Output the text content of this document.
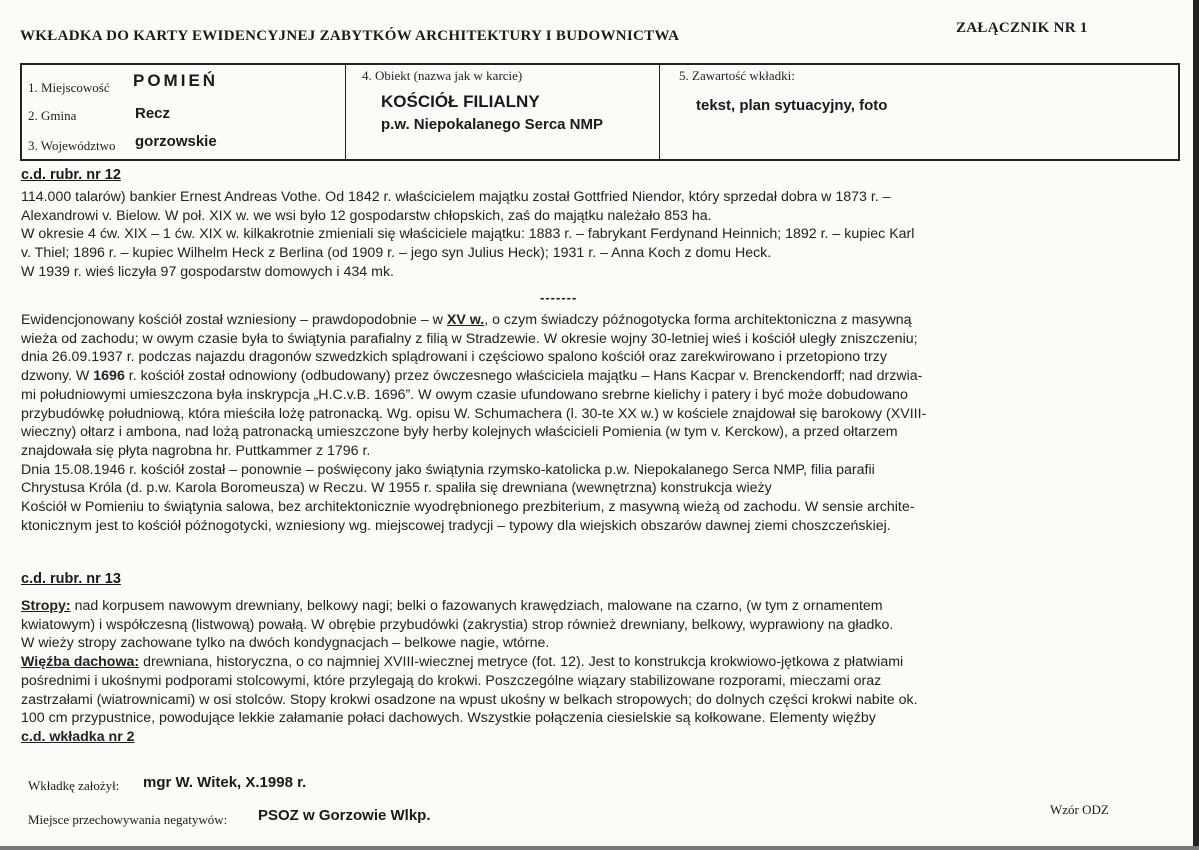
WKŁADKA DO KARTY EWIDENCYJNEJ ZABYTKÓW ARCHITEKTURY I BUDOWNICTWA	ZAŁĄCZNIK NR 1
1. Miejscowość POMIEŃ
2. Gmina	Recz
3. Województwo gorzowskie
4. Obiekt (nazwa jak w karcie)
KOŚCIÓŁ FILIALNY
p.w. Niepokalanego Serca NMP
5. Zawartość wkładki:
tekst, plan sytuacyjny, foto
c.d. rubr. nr 12

114.000 talarów) bankier Ernest Andreas Vothe. Od 1842 r. właścicielem majątku został Gottfried Niendor, który sprzedał dobra w 1873 r. –

Alexandrowi v. Bielow. W poł. XIX w. we wsi było 12 gospodarstw chłopskich, zaś do majątku należało 853 ha.

W okresie 4 ćw. XIX – 1 ćw. XIX w. kilkakrotnie zmieniali się właściciele majątku: 1883 r. – fabrykant Ferdynand Heinnich; 1892 r. – kupiec Karl

v. Thiel; 1896 r. – kupiec Wilhelm Heck z Berlina (od 1909 r. – jego syn Julius Heck); 1931 r. – Anna Koch z domu Heck.

W 1939 r. wieś liczyła 97 gospodarstw domowych i 434 mk.

-------

Ewidencjonowany kościół został wzniesiony – prawdopodobnie – w XV w., o czym świadczy późnogotycka forma architektoniczna z masywną

wieża od zachodu; w owym czasie była to świątynia parafialny z filią w Stradzewie. W okresie wojny 30-letniej wieś i kościół uległy zniszczeniu;

dnia 26.09.1937 r. podczas najazdu dragonów szwedzkich splądrowani i częściowo spalono kościół oraz zarekwirowano i przetopiono trzy

dzwony. W 1696 r. kościół został odnowiony (odbudowany) przez ówczesnego właściciela majątku – Hans Kacpar v. Brenckendorff; nad drzwia-

mi południowymi umieszczona była inskrypcja „H.C.v.B. 1696”. W owym czasie ufundowano srebrne kielichy i patery i być może dobudowano

przybudówkę południową, która mieściła lożę patronacką. Wg. opisu W. Schumachera (l. 30-te XX w.) w kościele znajdował się barokowy (XVIII-

wieczny) ołtarz i ambona, nad lożą patronacką umieszczone były herby kolejnych właścicieli Pomienia (w tym v. Kerckow), a przed ołtarzem

znajdowała się płyta nagrobna hr. Puttkammer z 1796 r.

Dnia 15.08.1946 r. kościół został – ponownie – poświęcony jako świątynia rzymsko-katolicka p.w. Niepokalanego Serca NMP, filia parafii

Chrystusa Króla (d. p.w. Karola Boromeusza) w Reczu. W 1955 r. spaliła się drewniana (wewnętrzna) konstrukcja wieży

Kościół w Pomieniu to świątynia salowa, bez architektonicznie wyodrębnionego prezbiterium, z masywną wieżą od zachodu. W sensie archite-

ktonicznym jest to kościół późnogotycki, wzniesiony wg. miejscowej tradycji – typowy dla wiejskich obszarów dawnej ziemi choszczeńskiej.

c.d. rubr. nr 13

Stropy: nad korpusem nawowym drewniany, belkowy nagi; belki o fazowanych krawędziach, malowane na czarno, (w tym z ornamentem

kwiatowym) i współczesną (listwową) powałą. W obrębie przybudówki (zakrystia) strop również drewniany, belkowy, wyprawiony na gładko.

W wieży stropy zachowane tylko na dwóch kondygnacjach – belkowe nagie, wtórne.

Więźba dachowa: drewniana, historyczna, o co najmniej XVIII-wiecznej metryce (fot. 12). Jest to konstrukcja krokwiowo-jętkowa z płatwiami

pośrednimi i ukośnymi podporami stolcowymi, które przylegają do krokwi. Poszczególne wiązary stabilizowane rozporami, mieczami oraz

zastrzałami (wiatrownicami) w osi stolców. Stopy krokwi osadzone na wpust ukośny w belkach stropowych; do dolnych części krokwi nabite ok.

100 cm przypustnice, powodujące lekkie załamanie połaci dachowych. Wszystkie połączenia ciesielskie są kołkowane. Elementy więźby

c.d. wkładka nr 2

Wkładkę założył: mgr W. Witek, X.1998 r.
Miejsce przechowywania negatywów: PSOZ w Gorzowie Wlkp.	Wzór ODZ
